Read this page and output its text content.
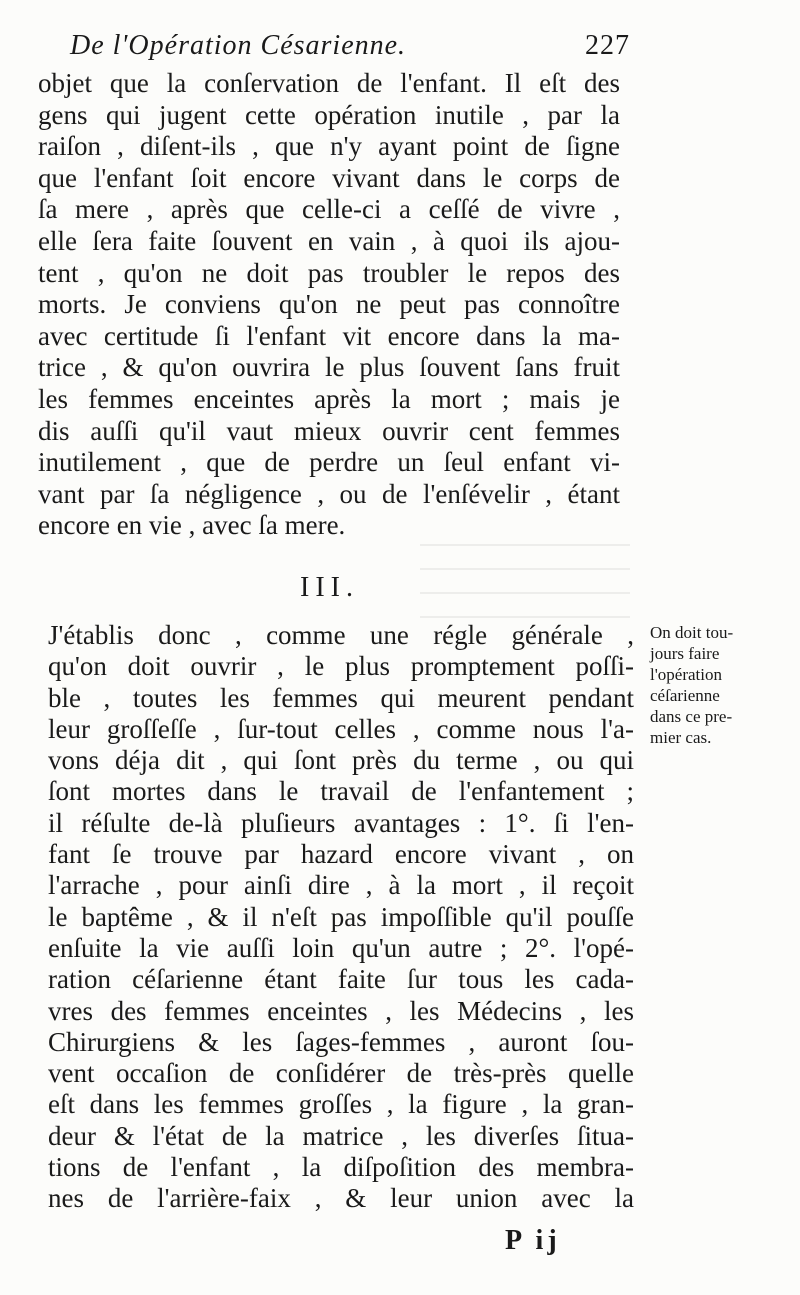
De l'Opération Césarienne.	227
objet que la conſervation de l'enfant. Il eſt des
gens qui jugent cette opération inutile , par la
raiſon , diſent-ils , que n'y ayant point de ſigne
que l'enfant ſoit encore vivant dans le corps de
ſa mere , après que celle-ci a ceſſé de vivre ,
elle ſera faite ſouvent en vain , à quoi ils ajou-
tent , qu'on ne doit pas troubler le repos des
morts. Je conviens qu'on ne peut pas connoître
avec certitude ſi l'enfant vit encore dans la ma-
trice , & qu'on ouvrira le plus ſouvent ſans fruit
les femmes enceintes après la mort ; mais je
dis auſſi qu'il vaut mieux ouvrir cent femmes
inutilement , que de perdre un ſeul enfant vi-
vant par ſa négligence , ou de l'enſévelir , étant
encore en vie , avec ſa mere.
III.
J'établis donc , comme une régle générale ,
qu'on doit ouvrir , le plus promptement poſſi-
ble , toutes les femmes qui meurent pendant
leur groſſeſſe , ſur-tout celles , comme nous l'a-
vons déja dit , qui ſont près du terme , ou qui
ſont mortes dans le travail de l'enfantement ;
il réſulte de-là pluſieurs avantages : 1°. ſi l'en-
fant ſe trouve par hazard encore vivant , on
l'arrache , pour ainſi dire , à la mort , il reçoit
le baptême , & il n'eſt pas impoſſible qu'il pouſſe
enſuite la vie auſſi loin qu'un autre ; 2°. l'opé-
ration céſarienne étant faite ſur tous les cada-
vres des femmes enceintes , les Médecins , les
Chirurgiens & les ſages-femmes , auront ſou-
vent occaſion de conſidérer de très-près quelle
eſt dans les femmes groſſes , la figure , la gran-
deur & l'état de la matrice , les diverſes ſitua-
tions de l'enfant , la diſpoſition des membra-
nes de l'arrière-faix , & leur union avec la
On doit tou-
jours faire
l'opération
céſarienne
dans ce pre-
mier cas.
P ij
